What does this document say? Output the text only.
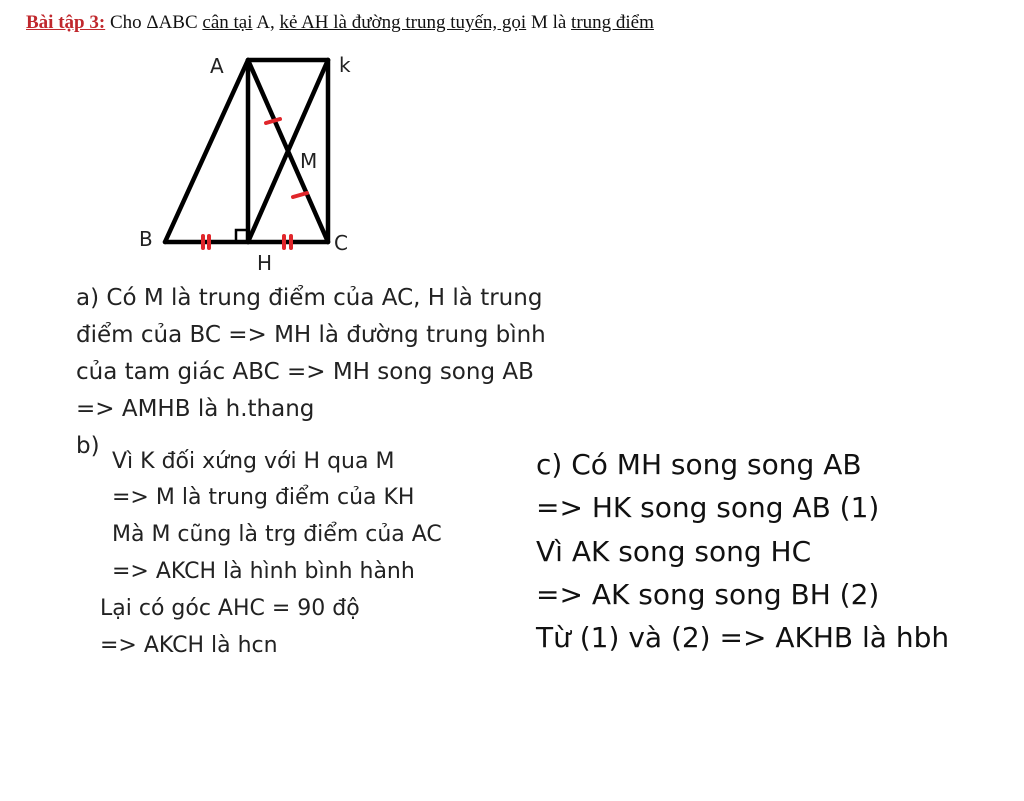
Bài tập 3: Cho ΔABC cân tại A, kẻ AH là đường trung tuyến, gọi M là trung điểm
A	k
M
B
H
C
a) Có M là trung điểm của AC, H là trung
điểm của BC => MH là đường trung bình
của tam giác ABC => MH song song AB
=> AMHB là h.thang
b)
Vì K đối xứng với H qua M
=> M là trung điểm của KH
Mà M cũng là trg điểm của AC
=> AKCH là hình bình hành
Lại có góc AHC = 90 độ
=> AKCH là hcn
c) Có MH song song AB
=> HK song song AB (1)
Vì AK song song HC
=> AK song song BH (2)
Từ (1) và (2) => AKHB là hbh
